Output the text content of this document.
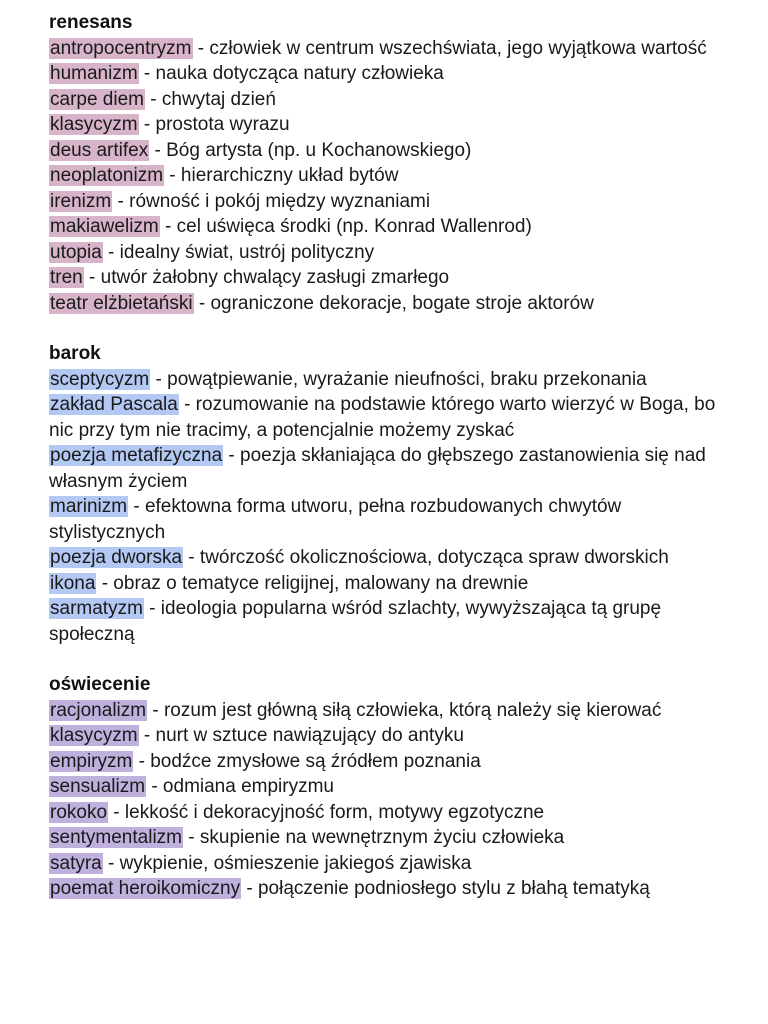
renesans

antropocentryzm - człowiek w centrum wszechświata, jego wyjątkowa wartość

humanizm - nauka dotycząca natury człowieka

carpe diem - chwytaj dzień

klasycyzm - prostota wyrazu

deus artifex - Bóg artysta (np. u Kochanowskiego)

neoplatonizm - hierarchiczny układ bytów

irenizm - równość i pokój między wyznaniami

makiawelizm - cel uświęca środki (np. Konrad Wallenrod)

utopia - idealny świat, ustrój polityczny

tren - utwór żałobny chwalący zasługi zmarłego

teatr elżbietański - ograniczone dekoracje, bogate stroje aktorów

barok

sceptycyzm - powątpiewanie, wyrażanie nieufności, braku przekonania

zakład Pascala - rozumowanie na podstawie którego warto wierzyć w Boga, bo nic przy tym nie tracimy, a potencjalnie możemy zyskać

poezja metafizyczna - poezja skłaniająca do głębszego zastanowienia się nad własnym życiem

marinizm - efektowna forma utworu, pełna rozbudowanych chwytów stylistycznych

poezja dworska - twórczość okolicznościowa, dotycząca spraw dworskich

ikona - obraz o tematyce religijnej, malowany na drewnie

sarmatyzm - ideologia popularna wśród szlachty, wywyższająca tą grupę społeczną

oświecenie

racjonalizm - rozum jest główną siłą człowieka, którą należy się kierować

klasycyzm - nurt w sztuce nawiązujący do antyku

empiryzm - bodźce zmysłowe są źródłem poznania

sensualizm - odmiana empiryzmu

rokoko - lekkość i dekoracyjność form, motywy egzotyczne

sentymentalizm - skupienie na wewnętrznym życiu człowieka

satyra - wykpienie, ośmieszenie jakiegoś zjawiska

poemat heroikomiczny - połączenie podniosłego stylu z błahą tematyką
